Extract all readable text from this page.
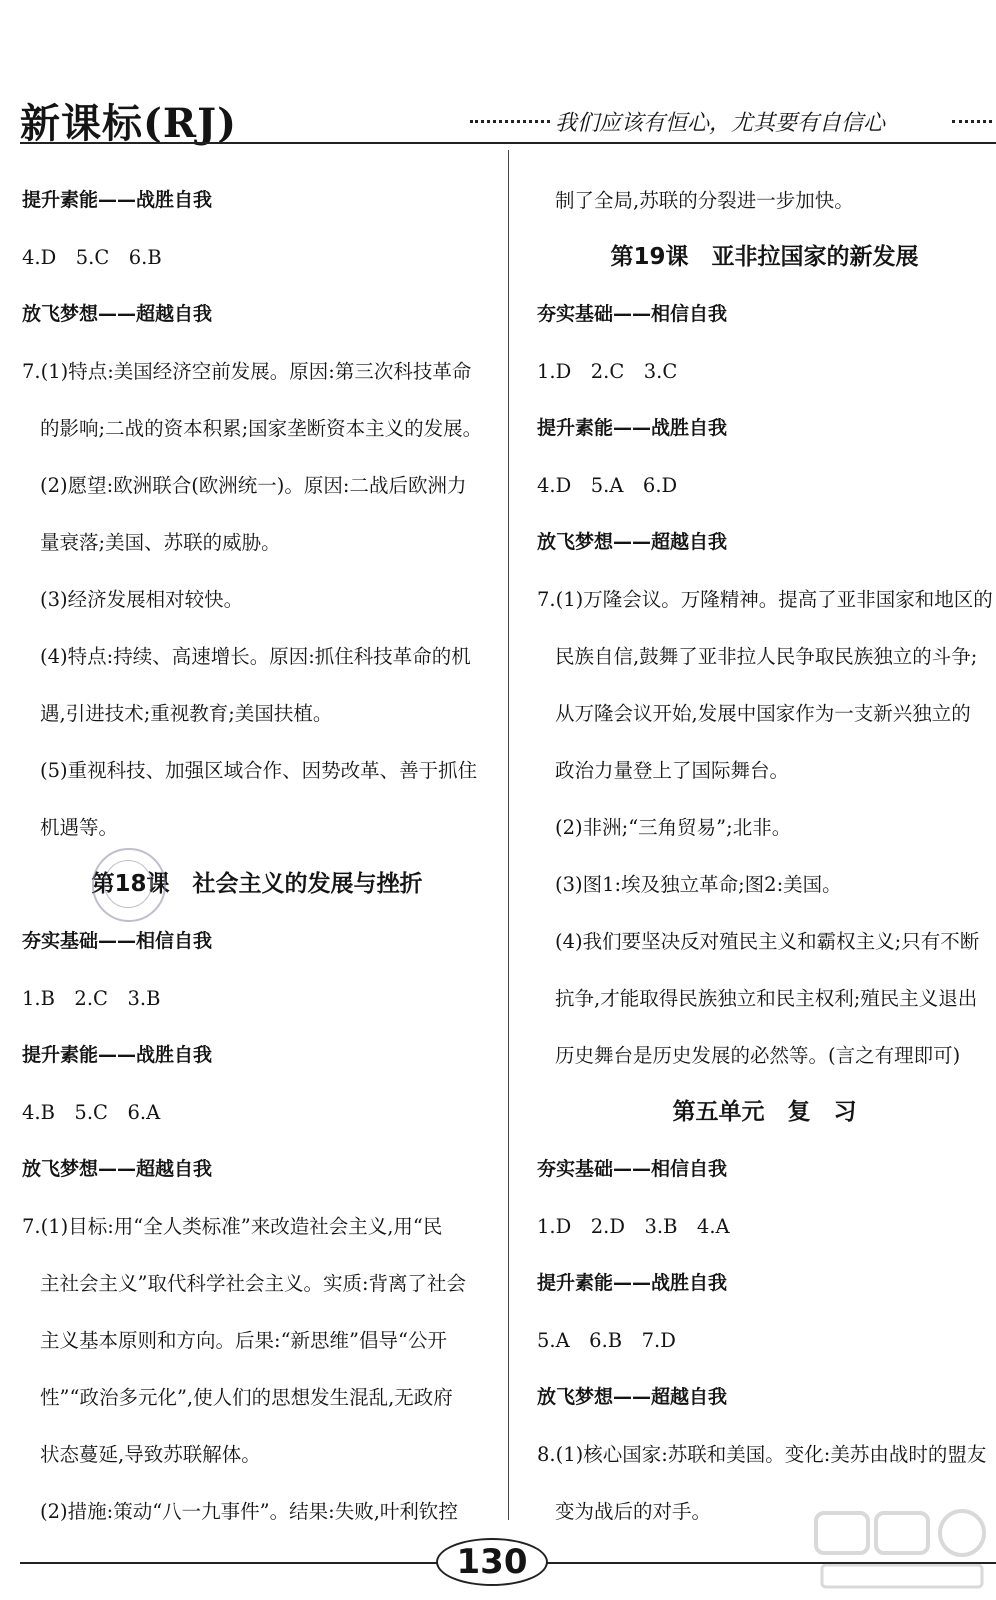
新课标(RJ)	我们应该有恒心，尤其要有自信心
提升素能——战胜自我
4.D　5.C　6.B
放飞梦想——超越自我
7.(1)特点:美国经济空前发展。原因:第三次科技革命
的影响;二战的资本积累;国家垄断资本主义的发展。
(2)愿望:欧洲联合(欧洲统一)。原因:二战后欧洲力
量衰落;美国、苏联的威胁。
(3)经济发展相对较快。
(4)特点:持续、高速增长。原因:抓住科技革命的机
遇,引进技术;重视教育;美国扶植。
(5)重视科技、加强区域合作、因势改革、善于抓住
机遇等。
第18课　社会主义的发展与挫折
夯实基础——相信自我
1.B　2.C　3.B
提升素能——战胜自我
4.B　5.C　6.A
放飞梦想——超越自我
7.(1)目标:用“全人类标准”来改造社会主义,用“民
主社会主义”取代科学社会主义。实质:背离了社会
主义基本原则和方向。后果:“新思维”倡导“公开
性”“政治多元化”,使人们的思想发生混乱,无政府
状态蔓延,导致苏联解体。
(2)措施:策动“八一九事件”。结果:失败,叶利钦控
制了全局,苏联的分裂进一步加快。
第19课　亚非拉国家的新发展
夯实基础——相信自我
1.D　2.C　3.C
提升素能——战胜自我
4.D　5.A　6.D
放飞梦想——超越自我
7.(1)万隆会议。万隆精神。提高了亚非国家和地区的
民族自信,鼓舞了亚非拉人民争取民族独立的斗争;
从万隆会议开始,发展中国家作为一支新兴独立的
政治力量登上了国际舞台。
(2)非洲;“三角贸易”;北非。
(3)图1:埃及独立革命;图2:美国。
(4)我们要坚决反对殖民主义和霸权主义;只有不断
抗争,才能取得民族独立和民主权利;殖民主义退出
历史舞台是历史发展的必然等。(言之有理即可)
第五单元　复　习
夯实基础——相信自我
1.D　2.D　3.B　4.A
提升素能——战胜自我
5.A　6.B　7.D
放飞梦想——超越自我
8.(1)核心国家:苏联和美国。变化:美苏由战时的盟友
变为战后的对手。
130
